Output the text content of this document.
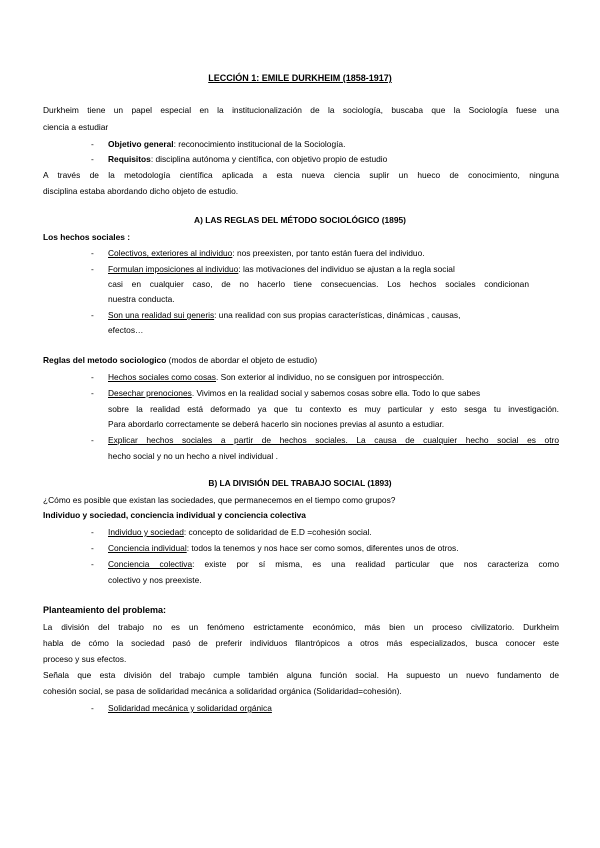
LECCIÓN 1: EMILE DURKHEIM (1858-1917)
Durkheim tiene un papel especial en la institucionalización de la sociología, buscaba que la Sociología fuese una
ciencia a estudiar
- Objetivo general: reconocimiento institucional de la Sociología.
- Requisitos: disciplina autónoma y científica, con objetivo propio de estudio
A través de la metodología científica aplicada a esta nueva ciencia suplir un hueco de conocimiento, ninguna
disciplina estaba abordando dicho objeto de estudio.
A) LAS REGLAS DEL MÉTODO SOCIOLÓGICO (1895)
Los hechos sociales :
- Colectivos, exteriores al individuo: nos preexisten, por tanto están fuera del individuo.
- Formulan imposiciones al individuo: las motivaciones del individuo se ajustan a la regla social
casi en cualquier caso, de no hacerlo tiene consecuencias. Los hechos sociales condicionan
nuestra conducta.
- Son una realidad sui generis: una realidad con sus propias características, dinámicas , causas,
efectos…
Reglas del metodo sociologico (modos de abordar el objeto de estudio)
- Hechos sociales como cosas. Son exterior al individuo, no se consiguen por introspección.
- Desechar prenociones. Vivimos en la realidad social y sabemos cosas sobre ella. Todo lo que sabes
sobre la realidad está deformado ya que tu contexto es muy particular y esto sesga tu investigación.
Para abordarlo correctamente se deberá hacerlo sin nociones previas al asunto a estudiar.
- Explicar hechos sociales a partir de hechos sociales. La causa de cualquier hecho social es otro
hecho social y no un hecho a nivel individual .
B) LA DIVISIÓN DEL TRABAJO SOCIAL (1893)
¿Cómo es posible que existan las sociedades, que permanecemos en el tiempo como grupos?
Individuo y sociedad, conciencia individual y conciencia colectiva
- Individuo y sociedad: concepto de solidaridad de E.D =cohesión social.
- Conciencia individual: todos la tenemos y nos hace ser como somos, diferentes unos de otros.
- Conciencia colectiva: existe por sí misma, es una realidad particular que nos caracteriza como
colectivo y nos preexiste.
Planteamiento del problema:
La división del trabajo no es un fenómeno estrictamente económico, más bien un proceso civilizatorio. Durkheim
habla de cómo la sociedad pasó de preferir individuos filantrópicos a otros más especializados, busca conocer este
proceso y sus efectos.
Señala que esta división del trabajo cumple también alguna función social. Ha supuesto un nuevo fundamento de
cohesión social, se pasa de solidaridad mecánica a solidaridad orgánica (Solidaridad=cohesión).
- Solidaridad mecánica y solidaridad orgánica
